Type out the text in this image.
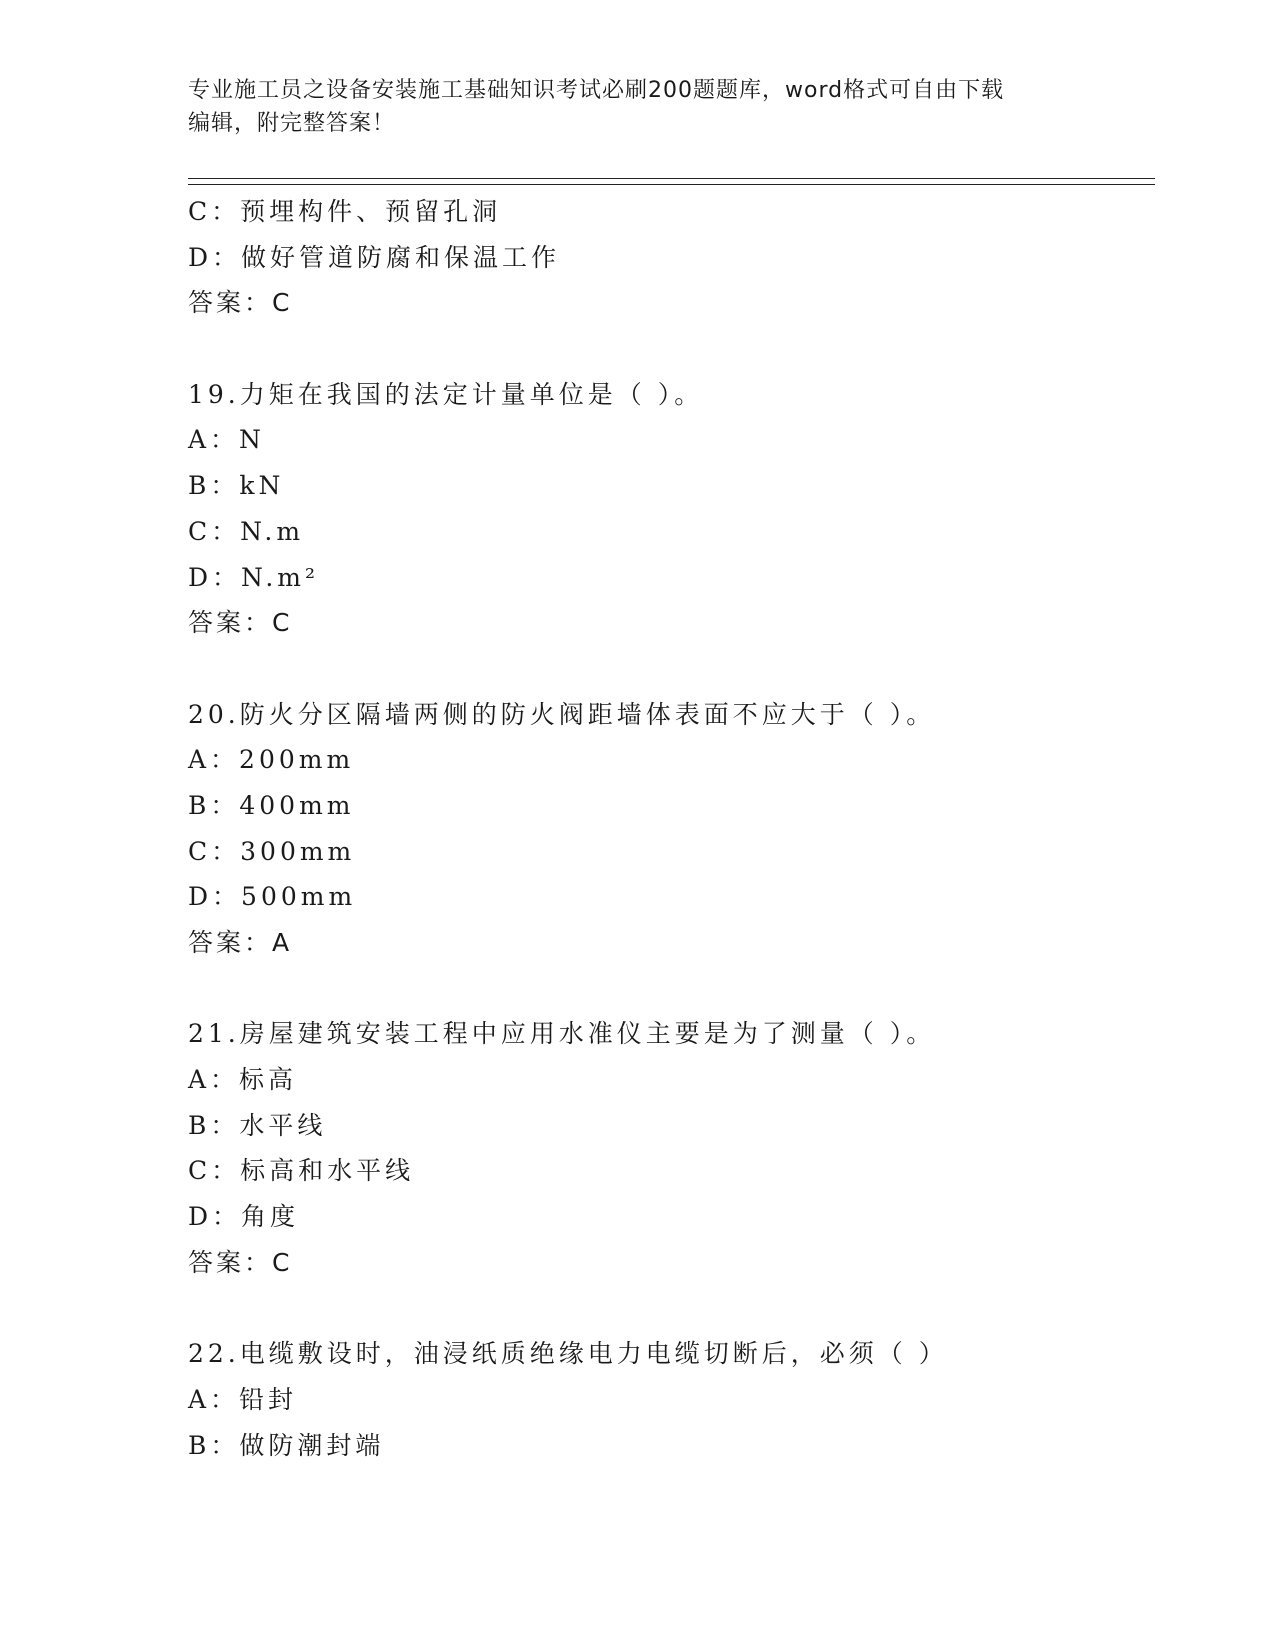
专业施工员之设备安装施工基础知识考试必刷200题题库，word格式可自由下载
编辑，附完整答案！
C：预埋构件、预留孔洞
D：做好管道防腐和保温工作
答案：C
19.力矩在我国的法定计量单位是（ ）。
A：N
B：kN
C：N.m
D：N.m²
答案：C
20.防火分区隔墙两侧的防火阀距墙体表面不应大于（ ）。
A：200mm
B：400mm
C：300mm
D：500mm
答案：A
21.房屋建筑安装工程中应用水准仪主要是为了测量（ ）。
A：标高
B：水平线
C：标高和水平线
D：角度
答案：C
22.电缆敷设时，油浸纸质绝缘电力电缆切断后，必须（ ）
A：铅封
B：做防潮封端
